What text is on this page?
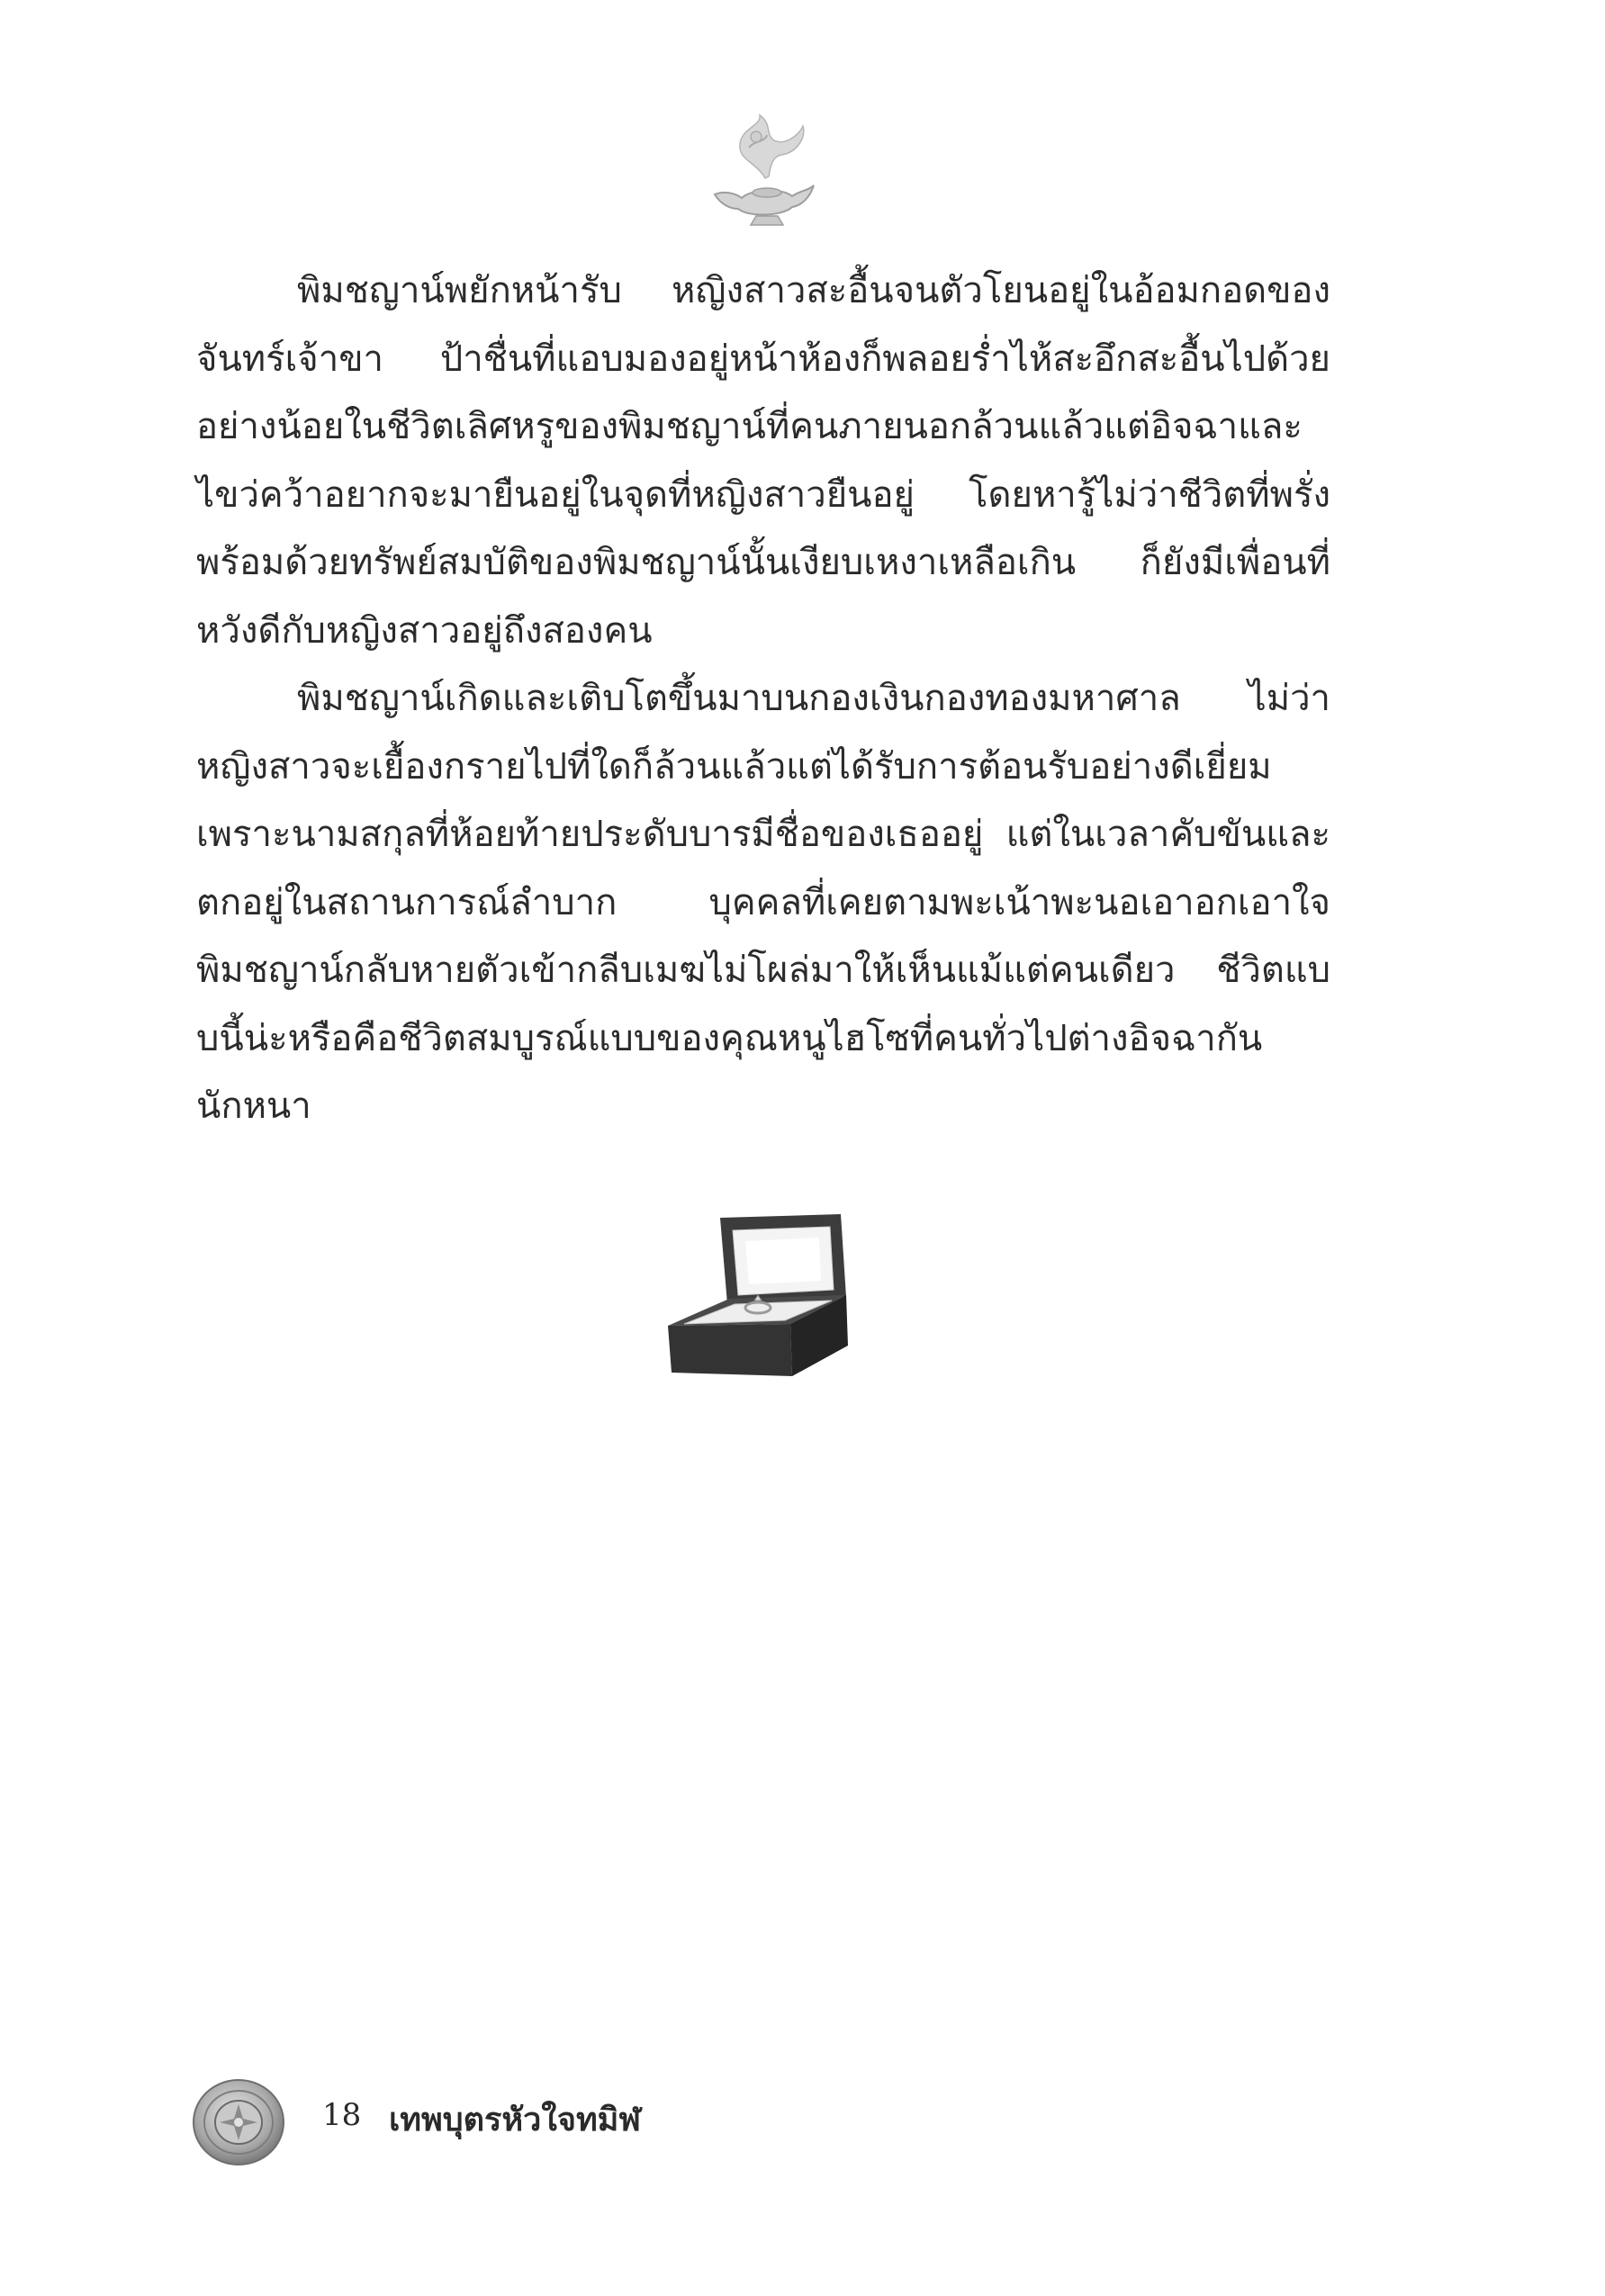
พิมชญาน์พยักหน้ารับ หญิงสาวสะอื้นจนตัวโยนอยู่ในอ้อมกอดของจันทร์เจ้าขา ป้าชื่นที่แอบมองอยู่หน้าห้องก็พลอยร่ำไห้สะอึกสะอื้นไปด้วย อย่างน้อยในชีวิตเลิศหรูของพิมชญาน์ที่คนภายนอกล้วนแล้วแต่อิจฉาและไขว่คว้าอยากจะมายืนอยู่ในจุดที่หญิงสาวยืนอยู่ โดยหารู้ไม่ว่าชีวิตที่พรั่งพร้อมด้วยทรัพย์สมบัติของพิมชญาน์นั้นเงียบเหงาเหลือเกิน ก็ยังมีเพื่อนที่หวังดีกับหญิงสาวอยู่ถึงสองคน

พิมชญาน์เกิดและเติบโตขึ้นมาบนกองเงินกองทองมหาศาล ไม่ว่าหญิงสาวจะเยื้องกรายไปที่ใดก็ล้วนแล้วแต่ได้รับการต้อนรับอย่างดีเยี่ยม เพราะนามสกุลที่ห้อยท้ายประดับบารมีชื่อของเธออยู่ แต่ในเวลาคับขันและตกอยู่ในสถานการณ์ลำบาก บุคคลที่เคยตามพะเน้าพะนอเอาอกเอาใจพิมชญาน์กลับหายตัวเข้ากลีบเมฆไม่โผล่มาให้เห็นแม้แต่คนเดียว ชีวิตแบบนี้น่ะหรือคือชีวิตสมบูรณ์แบบของคุณหนูไฮโซที่คนทั่วไปต่างอิจฉากันนักหนา

18 เทพบุตรหัวใจทมิฬ
